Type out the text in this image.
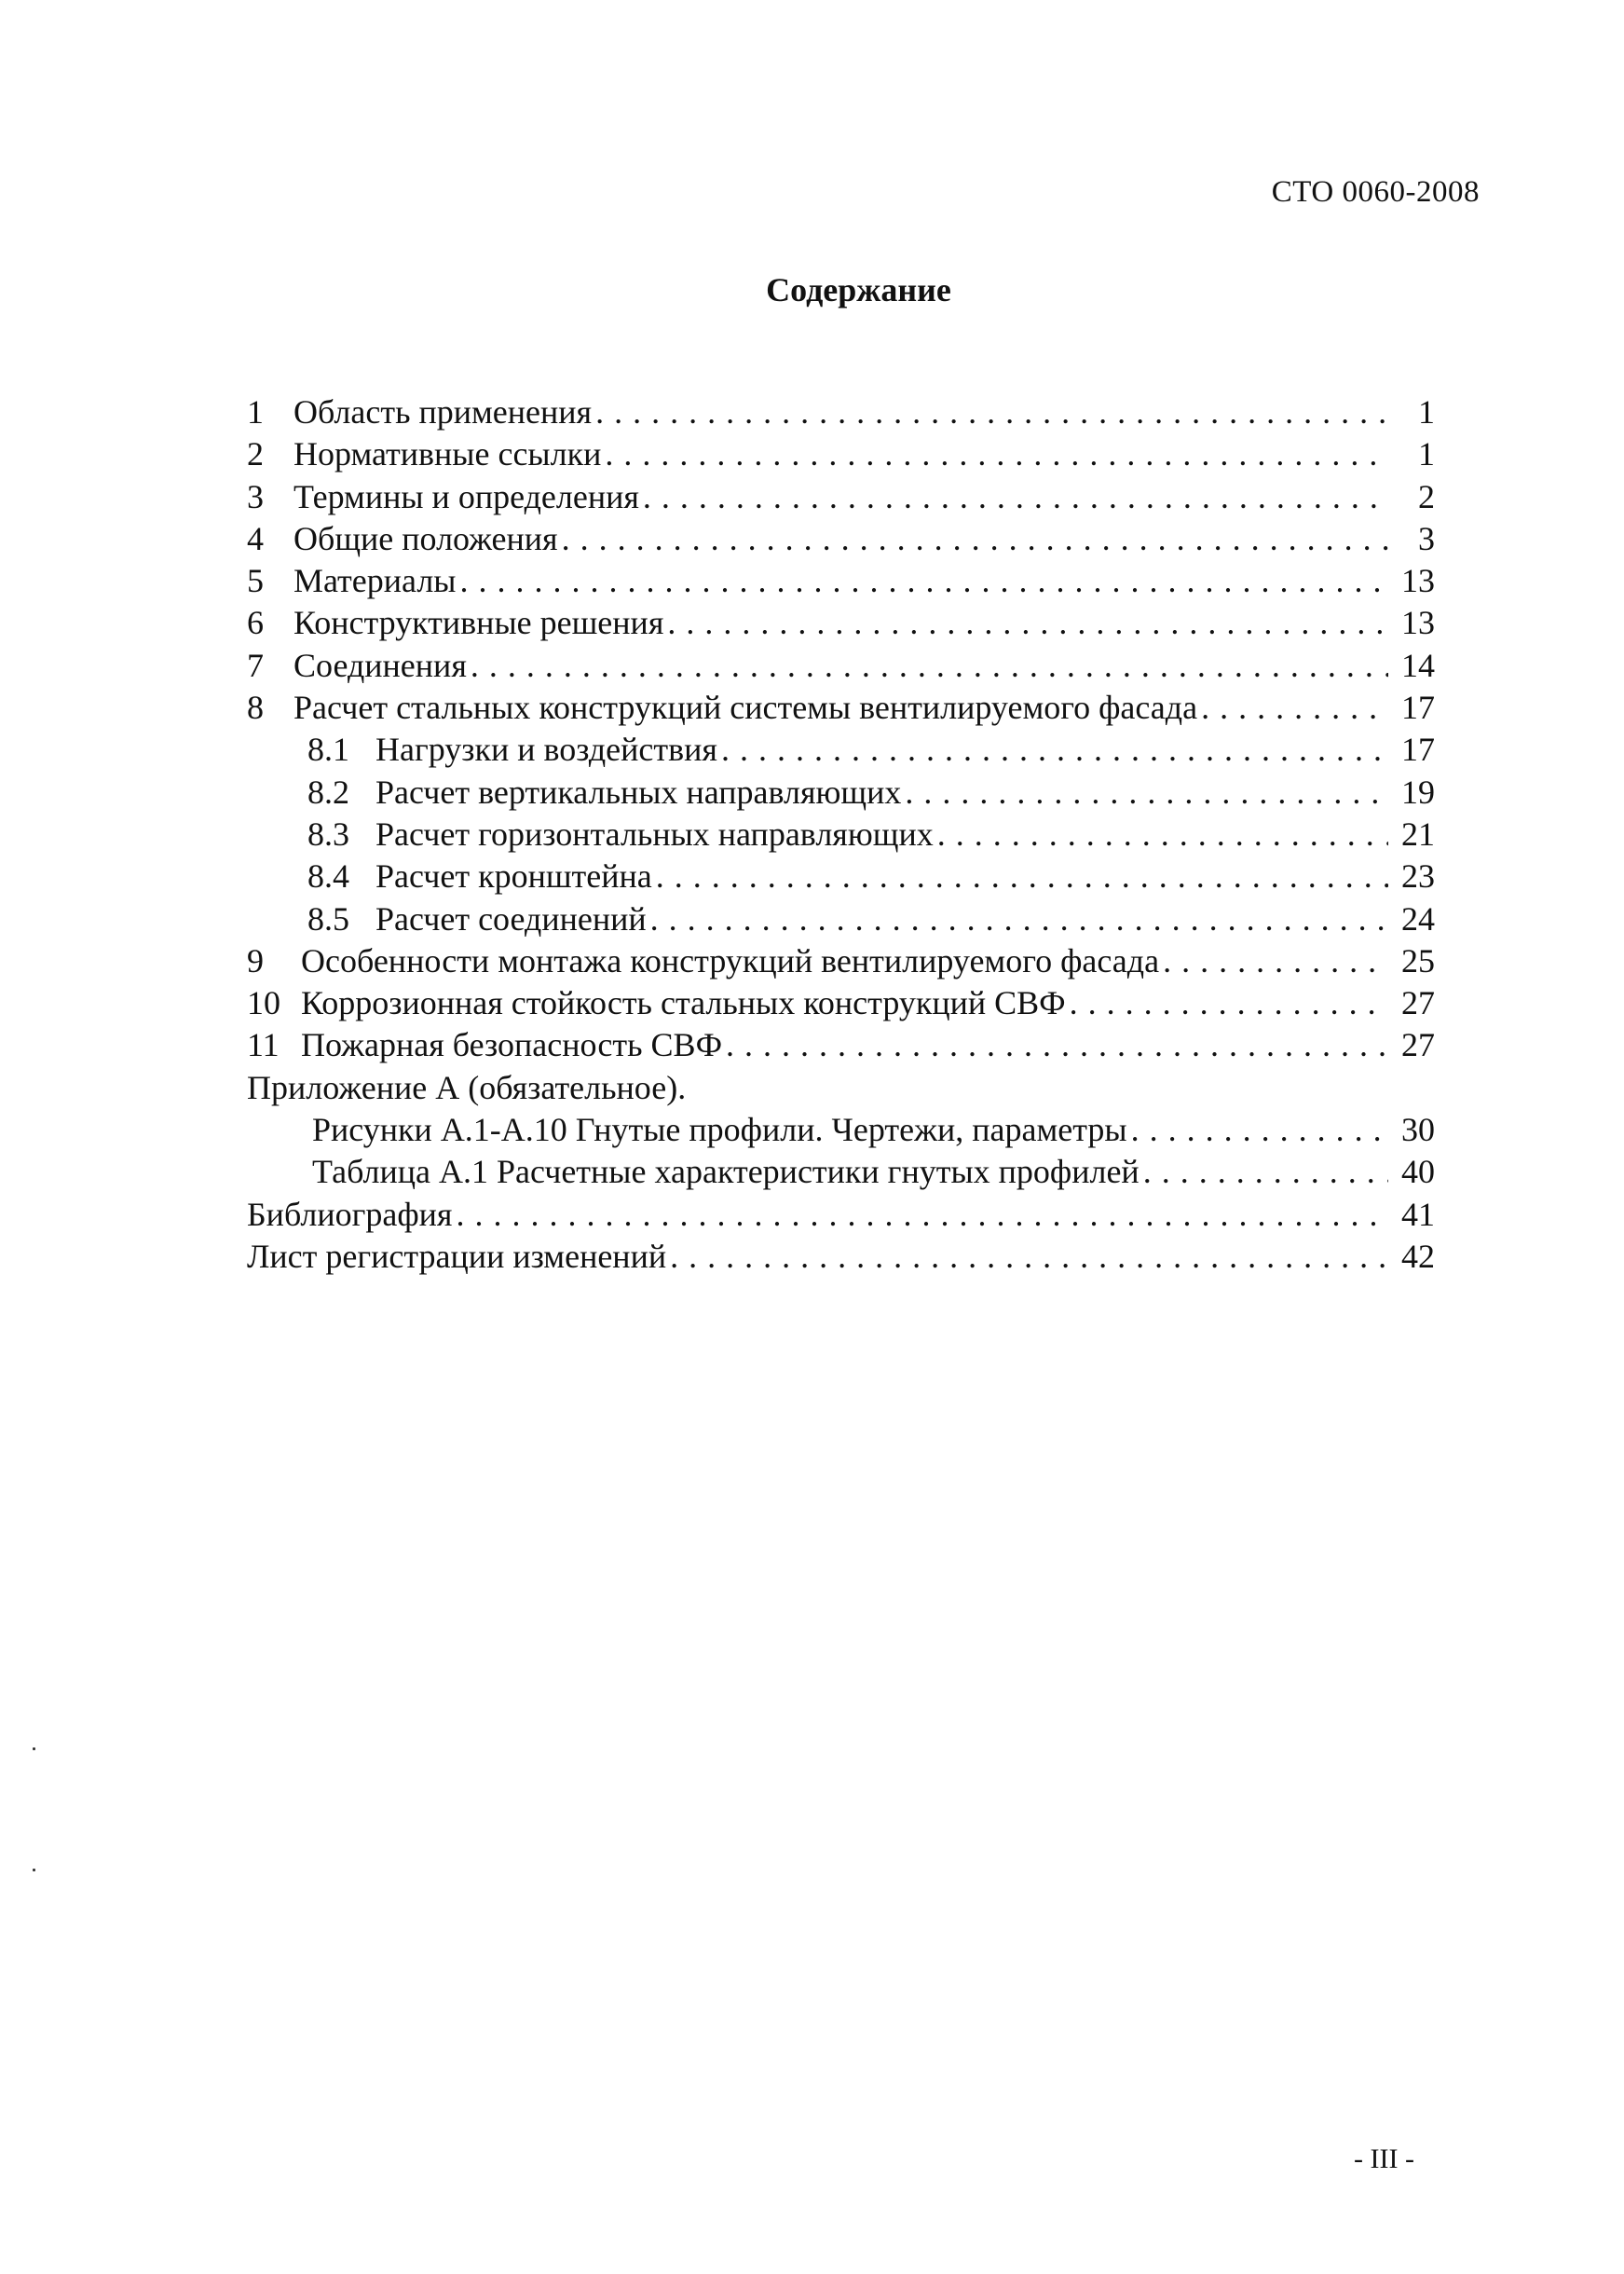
СТО 0060-2008
Содержание
1 Область применения . . .	1
2 Нормативные ссылки . . .	1
3 Термины и определения . . .	2
4 Общие положения . . .	3
5 Материалы . . .	13
6 Конструктивные решения . . .	13
7 Соединения . . .	14
8 Расчет стальных конструкций системы вентилируемого фасада . . .	17
8.1 Нагрузки и воздействия . . .	17
8.2 Расчет вертикальных направляющих . . .	19
8.3 Расчет горизонтальных направляющих . . .	21
8.4 Расчет кронштейна . . .	23
8.5 Расчет соединений . . .	24
9 Особенности монтажа конструкций вентилируемого фасада . . .	25
10 Коррозионная стойкость стальных конструкций СВФ . . .	27
11 Пожарная безопасность СВФ . . .	27
Приложение А (обязательное).
Рисунки А.1-А.10 Гнутые профили. Чертежи, параметры . . .	30
Таблица А.1 Расчетные характеристики гнутых профилей . . .	40
Библиография . . .	41
Лист регистрации изменений . . .	42
- III -
